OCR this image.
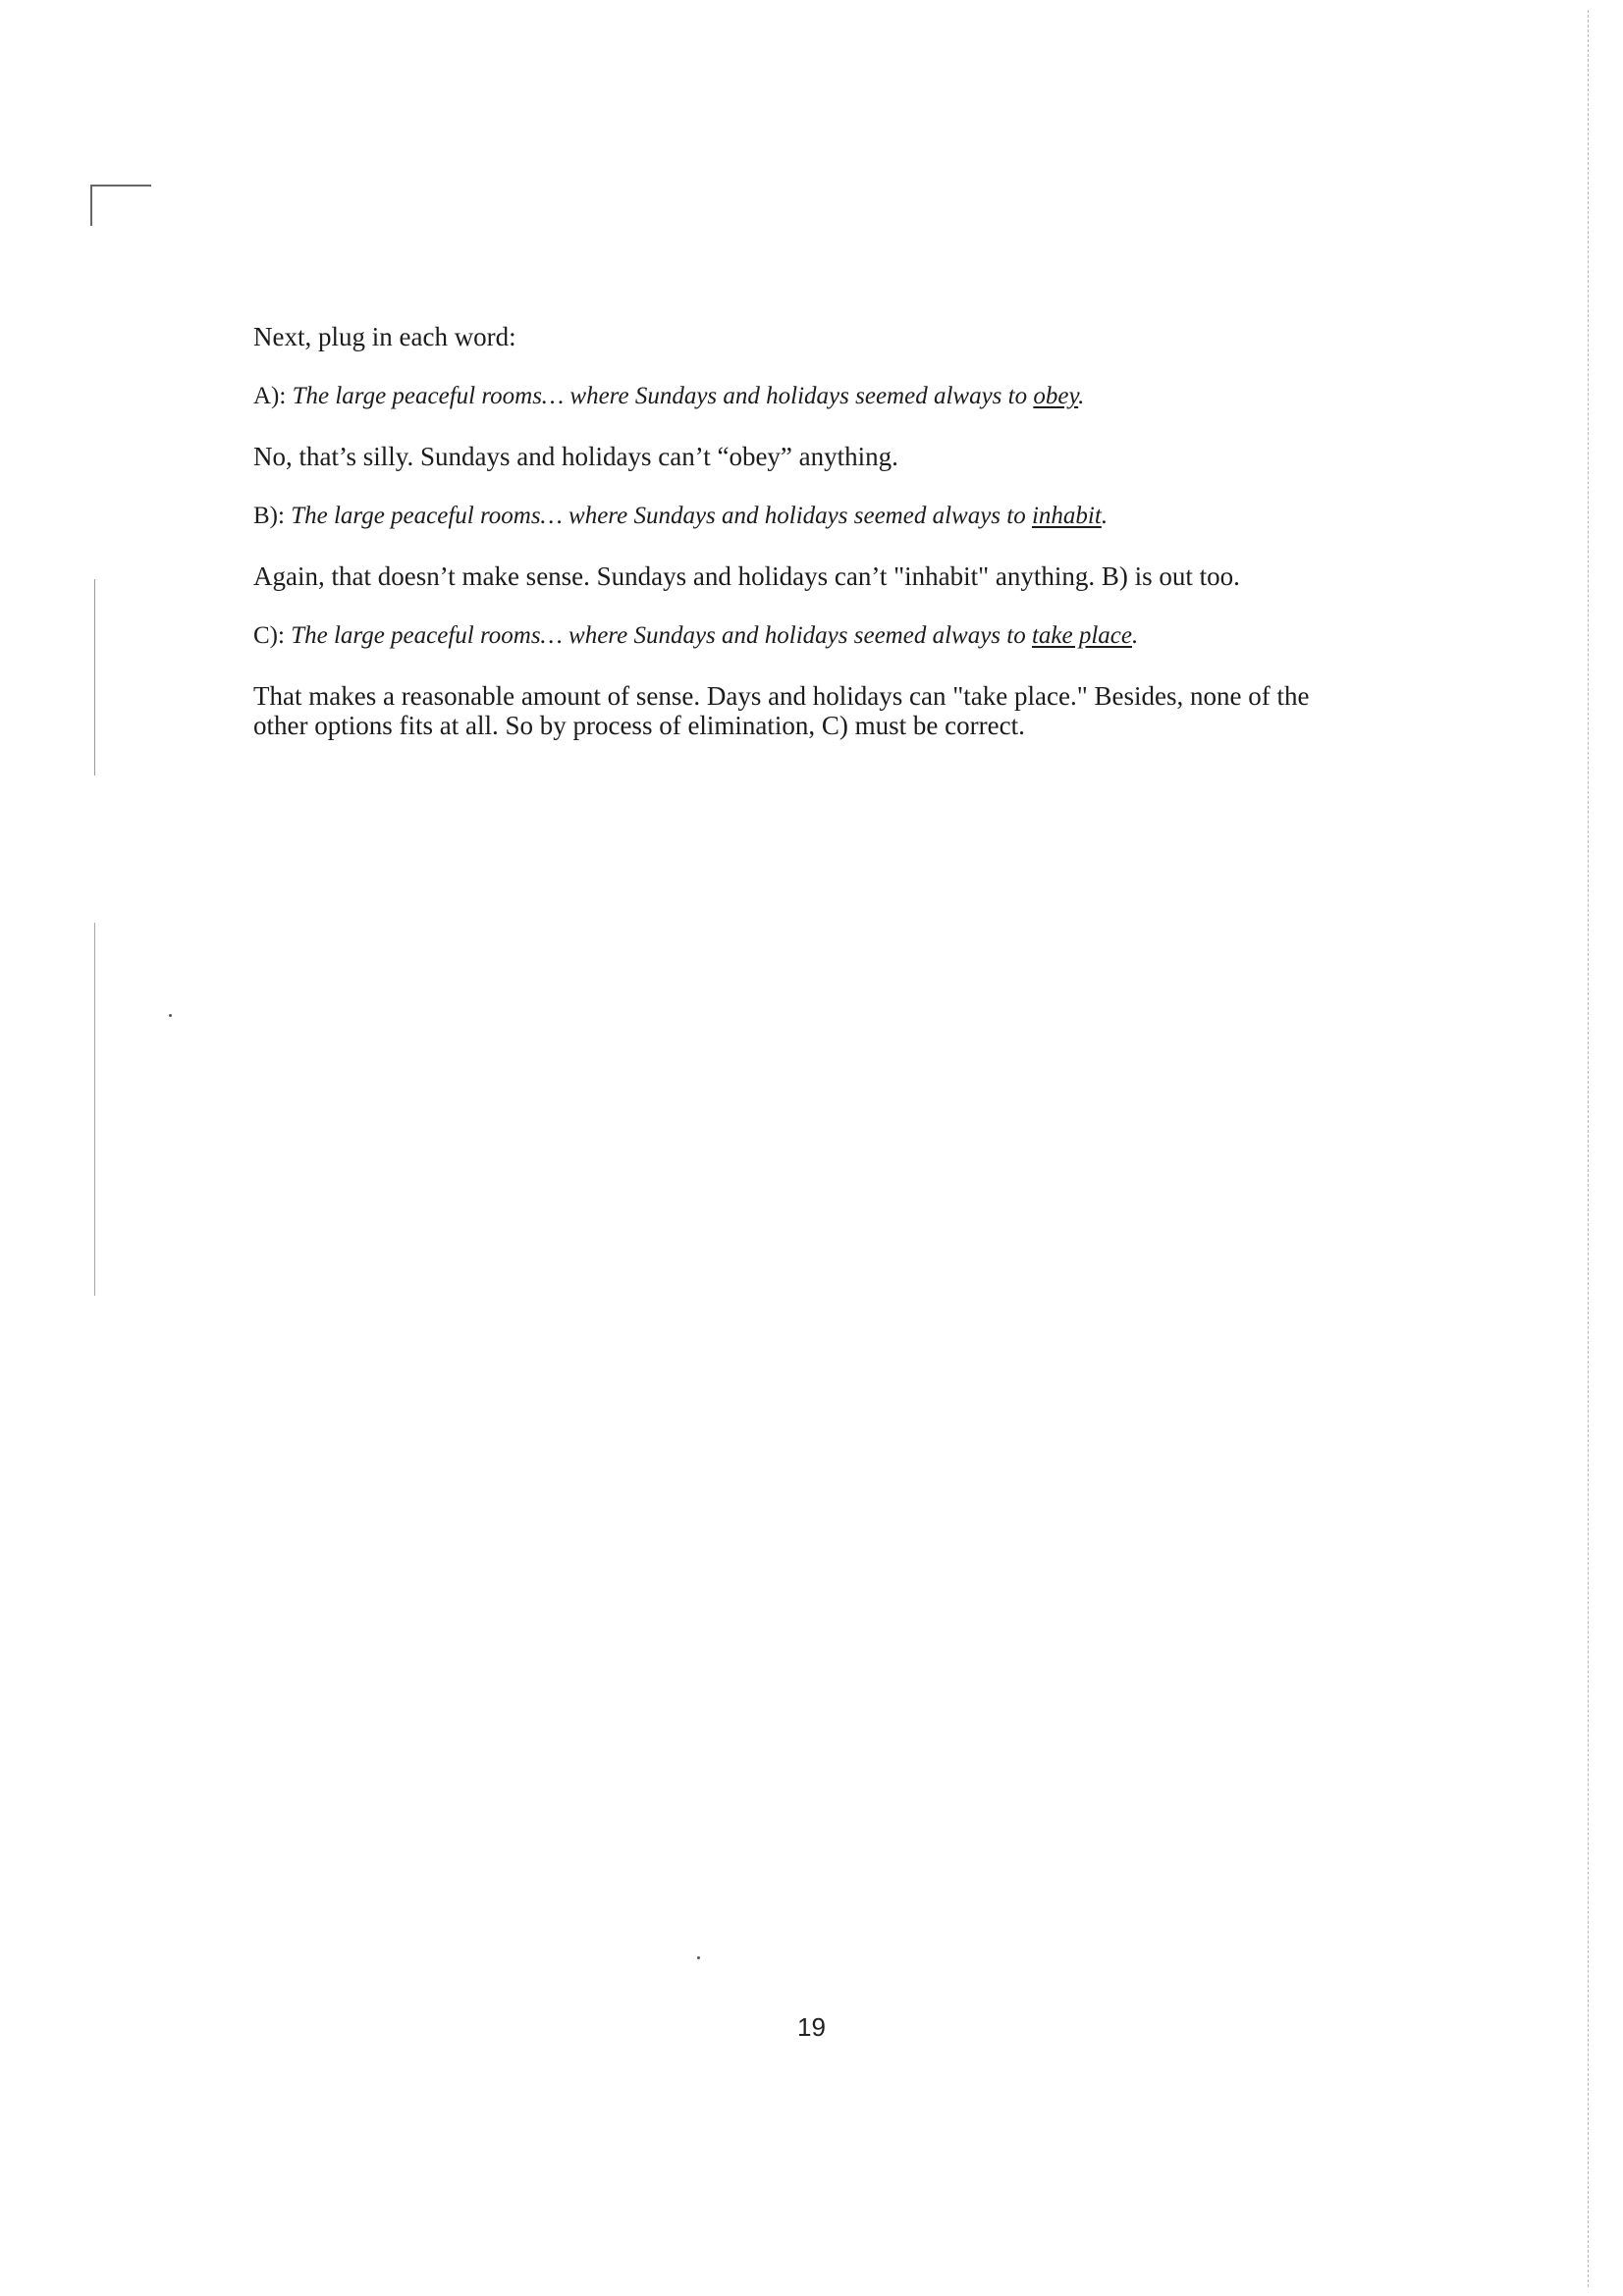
Next, plug in each word:

A): The large peaceful rooms… where Sundays and holidays seemed always to obey.

No, that’s silly. Sundays and holidays can’t “obey” anything.

B): The large peaceful rooms… where Sundays and holidays seemed always to inhabit.

Again, that doesn’t make sense. Sundays and holidays can’t "inhabit" anything. B) is out too.

C): The large peaceful rooms… where Sundays and holidays seemed always to take place.

That makes a reasonable amount of sense. Days and holidays can "take place." Besides, none of the other options fits at all. So by process of elimination, C) must be correct.

19
